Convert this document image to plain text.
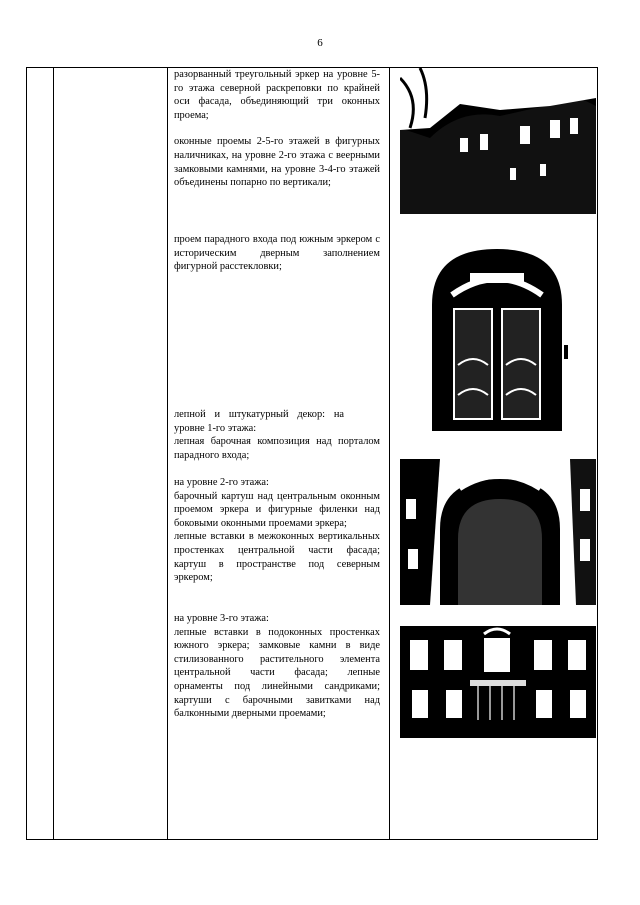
6

разорванный треугольный эркер на уровне 5-го этажа северной раскреповки по крайней оси фасада, объединяющий три оконных проема;

оконные проемы 2-5-го этажей в фигурных наличниках, на уровне 2-го этажа с веерными замковыми камнями, на уровне 3-4-го этажей объединены попарно по вертикали;

проем парадного входа под южным эркером с историческим дверным заполнением фигурной расстекловки;

лепной и штукатурный декор: на уровне 1-го этажа:

лепная барочная композиция над порталом парадного входа;

на уровне 2-го этажа:

барочный картуш над центральным оконным проемом эркера и фигурные филенки над боковыми оконными проемами эркера;

лепные вставки в межоконных вертикальных простенках центральной части фасада; картуш в пространстве под северным эркером;

на уровне 3-го этажа:

лепные вставки в подоконных простенках южного эркера; замковые камни в виде стилизованного растительного элемента центральной части фасада; лепные орнаменты под линейными сандриками; картуши с барочными завитками над балконными дверными проемами;
